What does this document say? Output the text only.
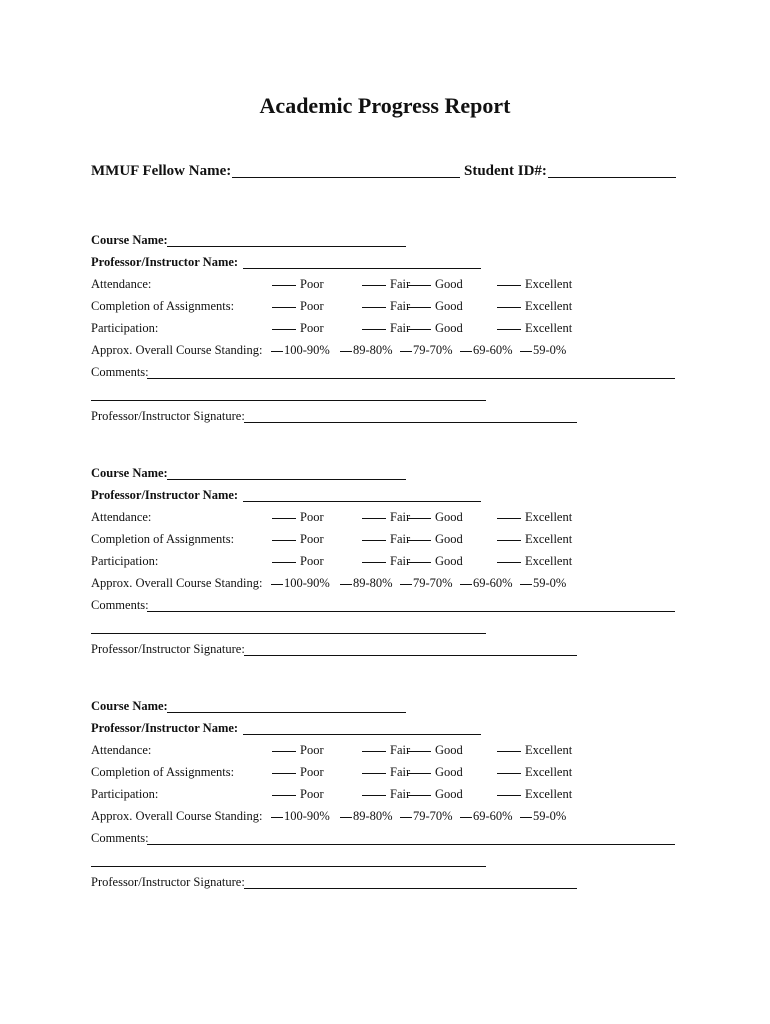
Academic Progress Report
MMUF Fellow Name:	Student ID#:
Course Name:
Professor/Instructor Name:
Attendance:	Poor	Fair	Good	Excellent
Completion of Assignments:	Poor	Fair	Good	Excellent
Participation:	Poor	Fair	Good	Excellent
Approx. Overall Course Standing:	100-90%	89-80%	79-70%	69-60%	59-0%
Comments:
Professor/Instructor Signature:
Course Name:
Professor/Instructor Name:
Attendance:	Poor	Fair	Good	Excellent
Completion of Assignments:	Poor	Fair	Good	Excellent
Participation:	Poor	Fair	Good	Excellent
Approx. Overall Course Standing:	100-90%	89-80%	79-70%	69-60%	59-0%
Comments:
Professor/Instructor Signature:
Course Name:
Professor/Instructor Name:
Attendance:	Poor	Fair	Good	Excellent
Completion of Assignments:	Poor	Fair	Good	Excellent
Participation:	Poor	Fair	Good	Excellent
Approx. Overall Course Standing:	100-90%	89-80%	79-70%	69-60%	59-0%
Comments:
Professor/Instructor Signature:
